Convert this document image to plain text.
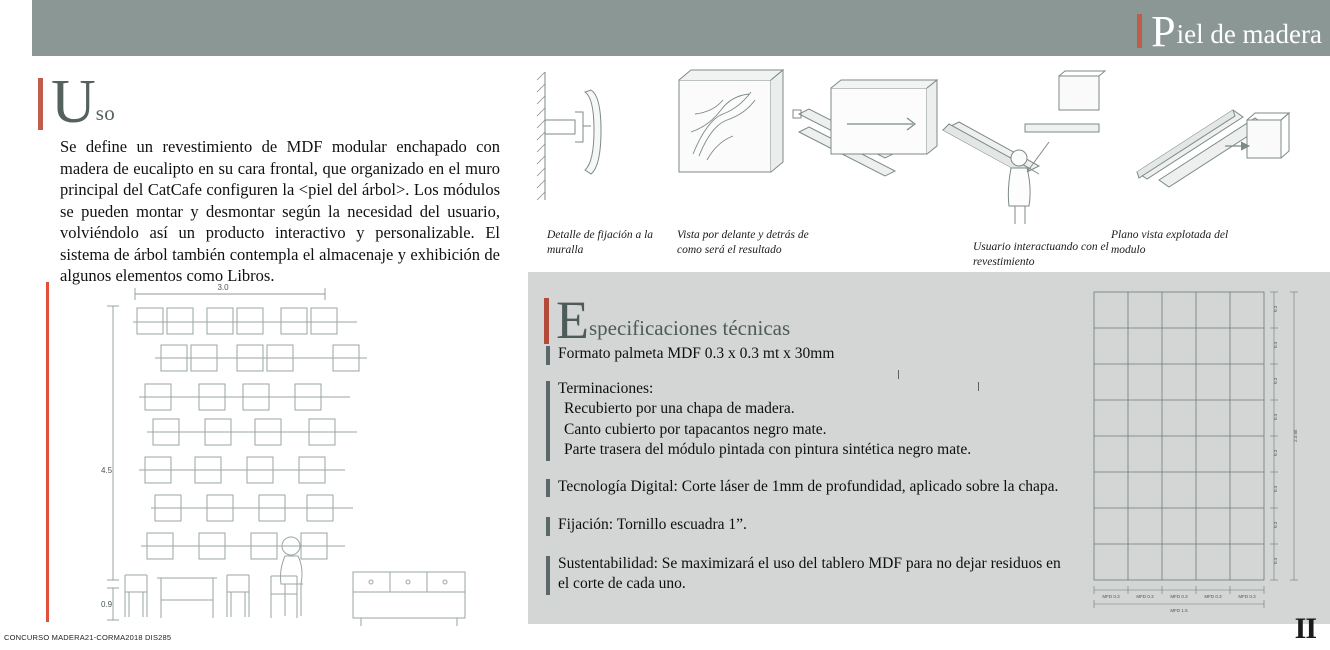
P iel de madera
U so
Se define un revestimiento de MDF modular enchapado con madera de eucalipto en su cara frontal, que organizado en el muro principal del CatCafe configuren la <piel del árbol>. Los módulos se pueden montar y desmontar según la necesidad del usuario, volviéndolo así un producto interactivo y personalizable. El sistema de árbol también contempla el almacenaje y exhibición de algunos elementos como Libros.
3.0
4.5
0.9
Detalle de fijación a la muralla
Vista por delante y detrás de como será el resultado	Usuario interactuando con el revestimiento
Plano vista explotada del modulo
E specificaciones técnicas
Formato palmeta MDF 0.3 x 0.3 mt x 30mm
Terminaciones:
Recubierto por una chapa de madera.
Canto cubierto por tapacantos negro mate.
Parte trasera del módulo pintada con pintura sintética negro mate.
Tecnología Digital: Corte láser de 1mm de profundidad, aplicado sobre la chapa.
Fijación: Tornillo escuadra 1”.
Sustentabilidad: Se maximizará el uso del tablero MDF para no dejar residuos en el corte de cada uno.
0.3
0.3
0.3
0.3
0.3
0.3
0.3
0.3
2.4 mt
MFD 0.3	MFD 0.3	MFD 0.3	MFD 0.3	MFD 0.3
MFD 1.5
CONCURSO MADERA21-CORMA2018 DIS285	II
